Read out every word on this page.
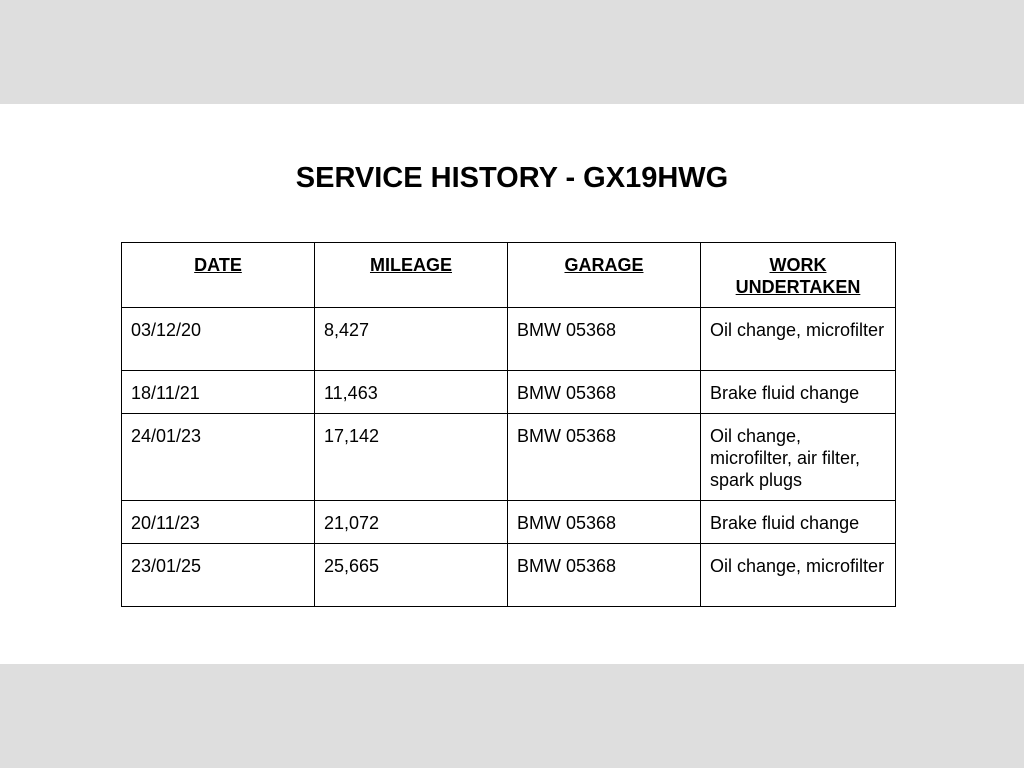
SERVICE HISTORY - GX19HWG
DATE	MILEAGE	GARAGE	WORK UNDERTAKEN
03/12/20	8,427	BMW 05368	Oil change, microfilter
18/11/21	11,463	BMW 05368	Brake fluid change
24/01/23	17,142	BMW 05368	Oil change, microfilter, air filter, spark plugs
20/11/23	21,072	BMW 05368	Brake fluid change
23/01/25	25,665	BMW 05368	Oil change, microfilter
